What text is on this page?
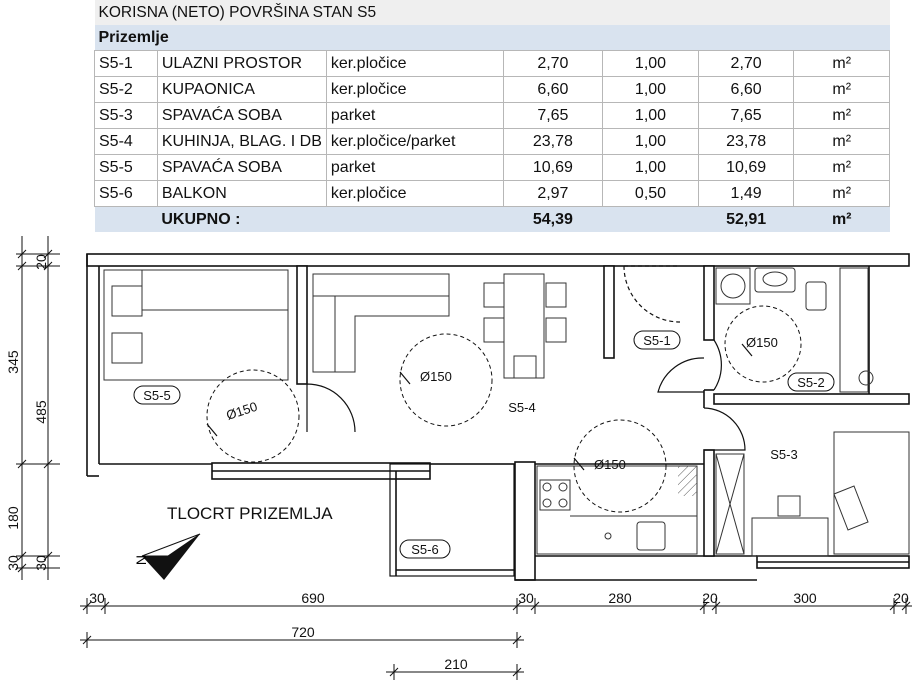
KORISNA (NETO) POVRŠINA STAN S5						
Prizemlje						
S5-1	ULAZNI PROSTOR	ker.pločice	2,70	1,00	2,70	m²
S5-2	KUPAONICA	ker.pločice	6,60	1,00	6,60	m²
S5-3	SPAVAĆA SOBA	parket	7,65	1,00	7,65	m²
S5-4	KUHINJA, BLAG. I DB	ker.pločice/parket	23,78	1,00	23,78	m²
S5-5	SPAVAĆA SOBA	parket	10,69	1,00	10,69	m²
S5-6	BALKON	ker.pločice	2,97	0,50	1,49	m²
	UKUPNO :		54,39		52,91	m²
S5-5
S5-4
S5-1
S5-2
S5-3
S5-6
Ø150
Ø150
Ø150
Ø150
TLOCRT PRIZEMLJA
N
20
345
485
180
30 30
30	690	30	280	20	300	20
720
210
